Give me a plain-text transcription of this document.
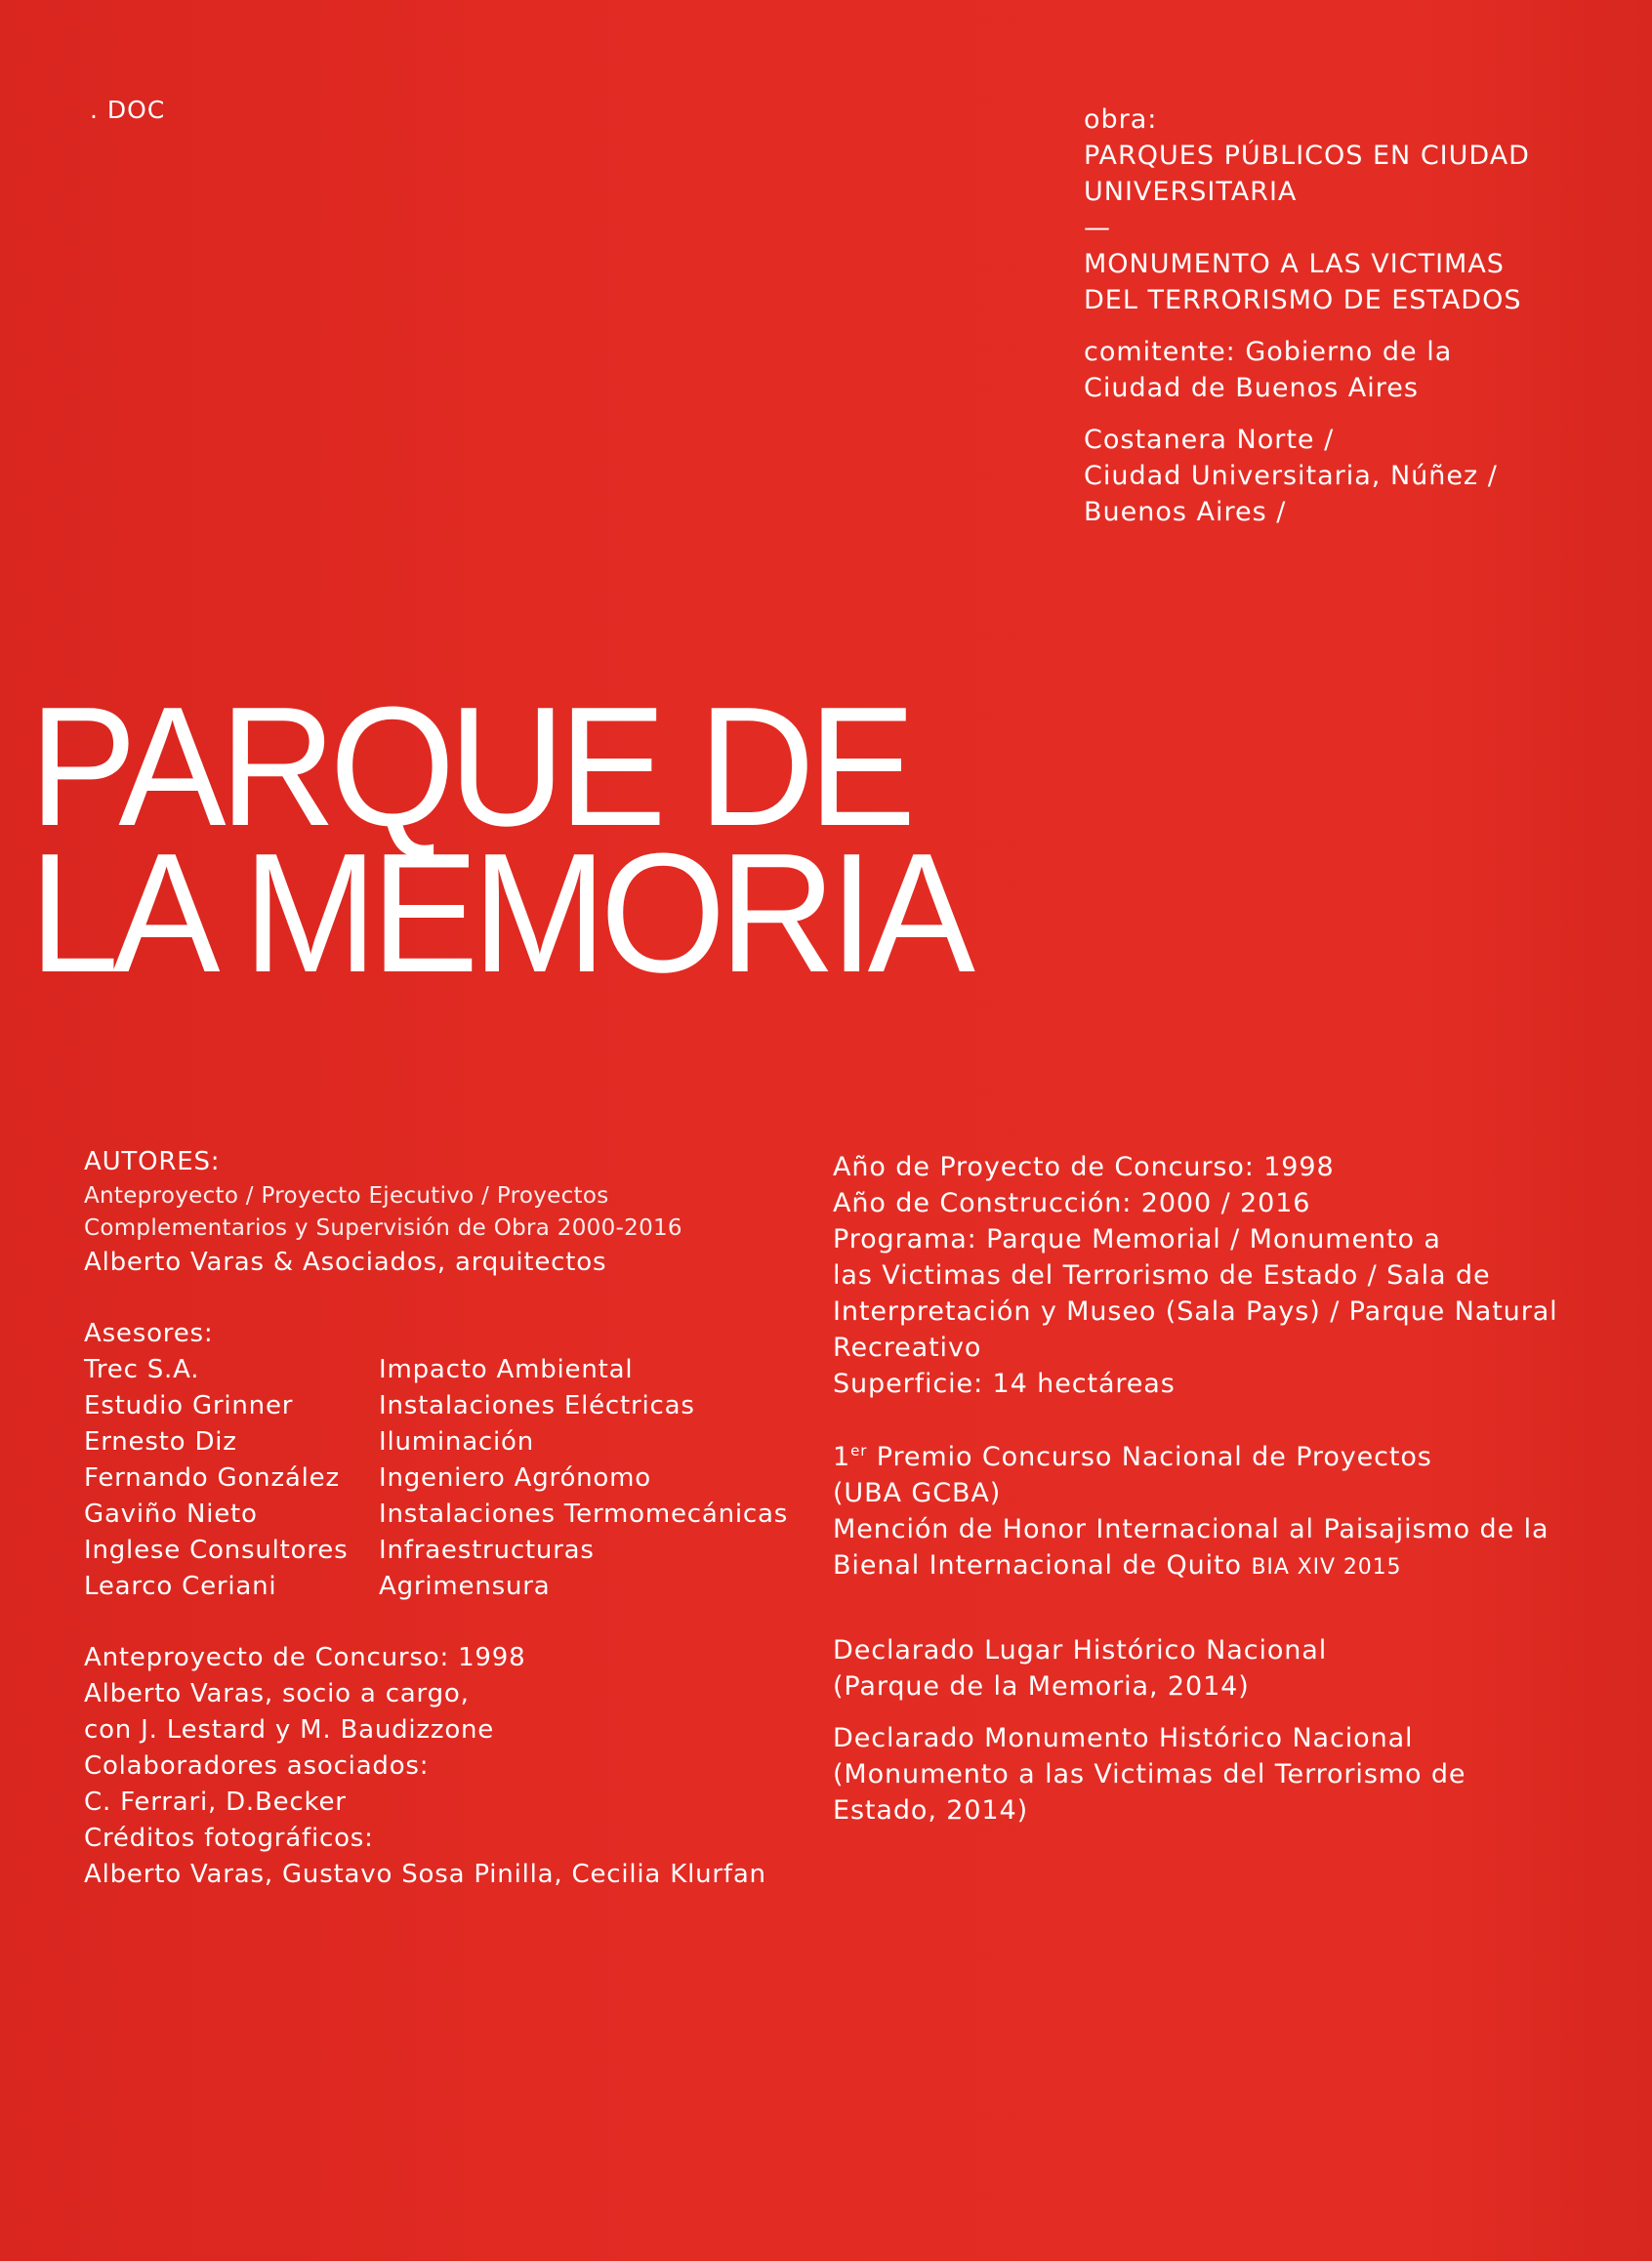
. DOC	obra:
PARQUES PÚBLICOS EN CIUDAD
UNIVERSITARIA
—
MONUMENTO A LAS VICTIMAS
DEL TERRORISMO DE ESTADOS
comitente: Gobierno de la
Ciudad de Buenos Aires
Costanera Norte /
Ciudad Universitaria, Núñez /
Buenos Aires /
PARQUE DE
LA MEMORIA
AUTORES:
Anteproyecto / Proyecto Ejecutivo / Proyectos
Complementarios y Supervisión de Obra 2000-2016
Alberto Varas & Asociados, arquitectos
Asesores:
Trec S.A.	Impacto Ambiental
Estudio Grinner	Instalaciones Eléctricas
Ernesto Diz	Iluminación
Fernando González	Ingeniero Agrónomo
Gaviño Nieto	Instalaciones Termomecánicas
Inglese Consultores	Infraestructuras
Learco Ceriani	Agrimensura
Anteproyecto de Concurso: 1998
Alberto Varas, socio a cargo,
con J. Lestard y M. Baudizzone
Colaboradores asociados:
C. Ferrari, D.Becker
Créditos fotográficos:
Alberto Varas, Gustavo Sosa Pinilla, Cecilia Klurfan
Año de Proyecto de Concurso: 1998
Año de Construcción: 2000 / 2016
Programa: Parque Memorial / Monumento a
las Victimas del Terrorismo de Estado / Sala de
Interpretación y Museo (Sala Pays) / Parque Natural
Recreativo
Superficie: 14 hectáreas
1er Premio Concurso Nacional de Proyectos
(UBA GCBA)
Mención de Honor Internacional al Paisajismo de la
Bienal Internacional de Quito BIA XIV 2015
Declarado Lugar Histórico Nacional
(Parque de la Memoria, 2014)
Declarado Monumento Histórico Nacional
(Monumento a las Victimas del Terrorismo de
Estado, 2014)
